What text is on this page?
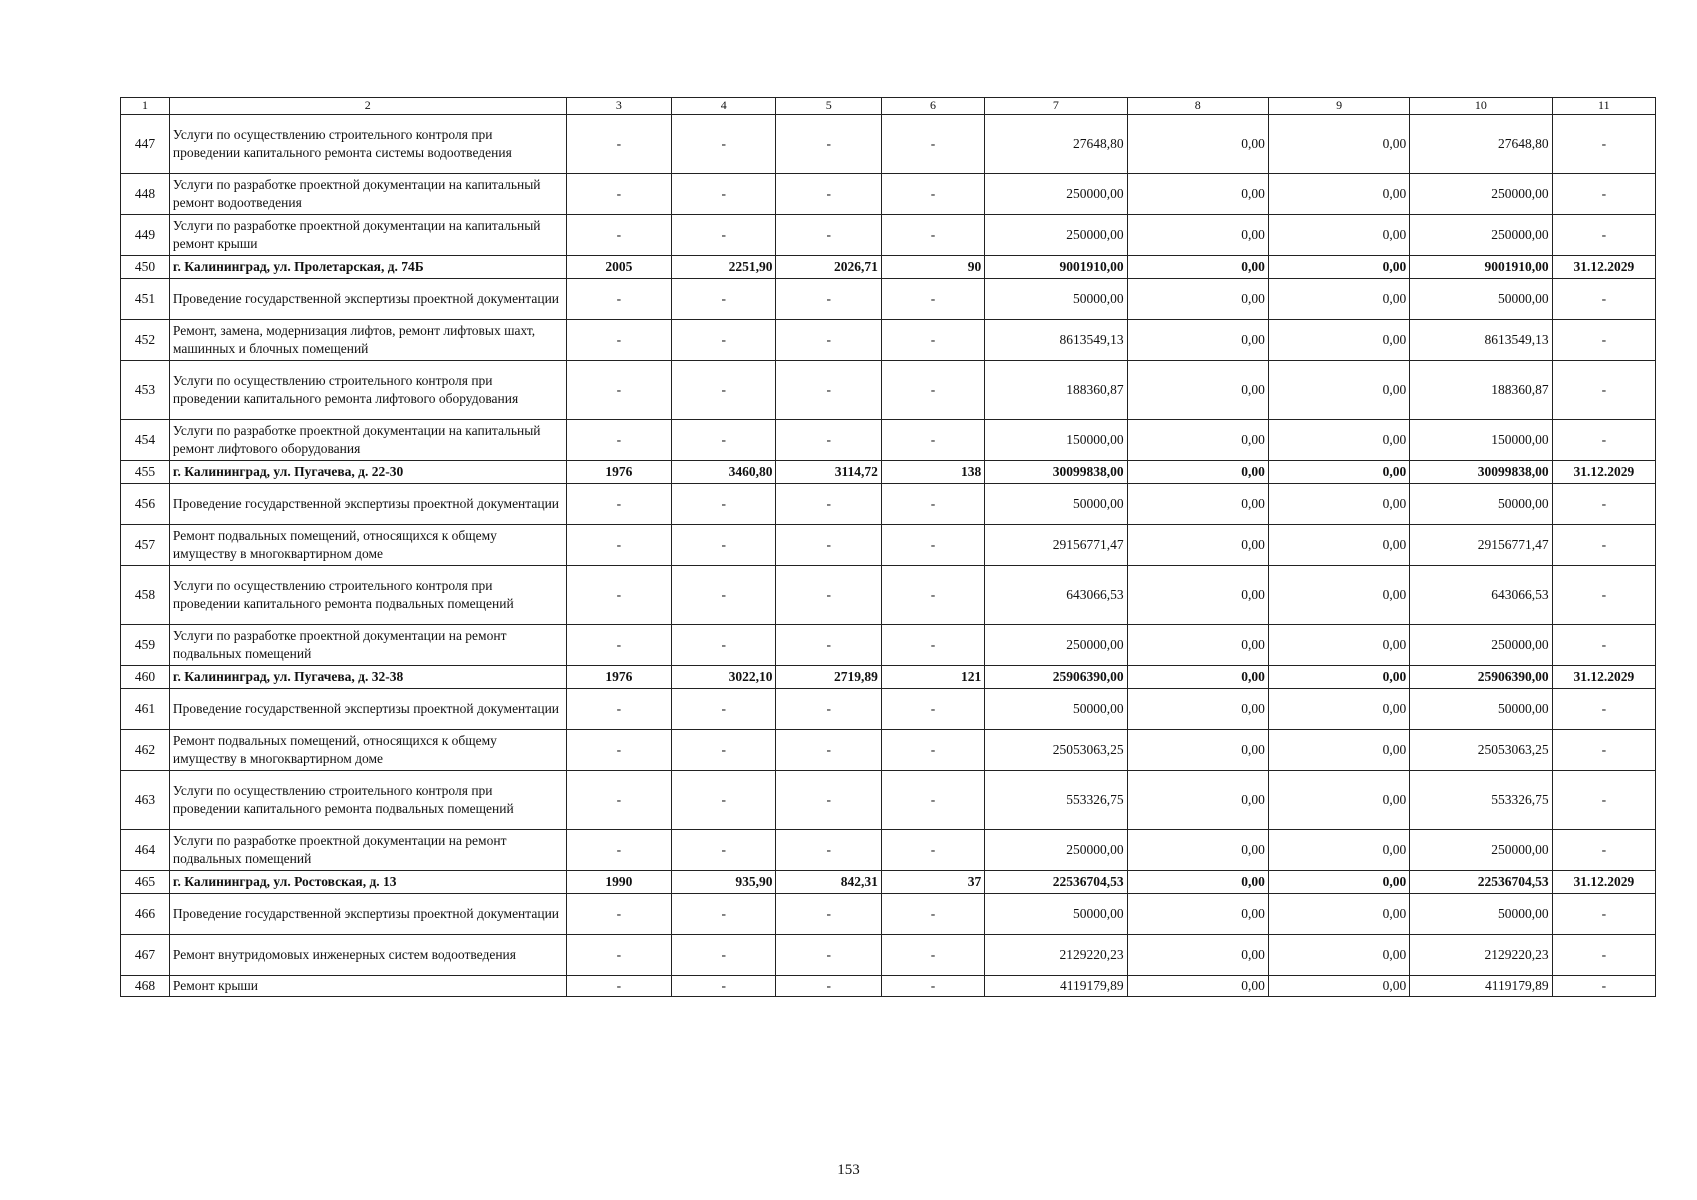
1	2	3	4	5	6	7	8	9	10	11
447	Услуги по осуществлению строительного контроля при проведении капитального ремонта системы водоотведения	-	-	-	-	27648,80	0,00	0,00	27648,80	-
448	Услуги по разработке проектной документации на капитальный ремонт водоотведения	-	-	-	-	250000,00	0,00	0,00	250000,00	-
449	Услуги по разработке проектной документации на капитальный ремонт крыши	-	-	-	-	250000,00	0,00	0,00	250000,00	-
450	г. Калининград, ул. Пролетарская, д. 74Б	2005	2251,90	2026,71	90	9001910,00	0,00	0,00	9001910,00	31.12.2029
451	Проведение государственной экспертизы проектной документации	-	-	-	-	50000,00	0,00	0,00	50000,00	-
452	Ремонт, замена, модернизация лифтов, ремонт лифтовых шахт, машинных и блочных помещений	-	-	-	-	8613549,13	0,00	0,00	8613549,13	-
453	Услуги по осуществлению строительного контроля при проведении капитального ремонта лифтового оборудования	-	-	-	-	188360,87	0,00	0,00	188360,87	-
454	Услуги по разработке проектной документации на капитальный ремонт лифтового оборудования	-	-	-	-	150000,00	0,00	0,00	150000,00	-
455	г. Калининград, ул. Пугачева, д. 22-30	1976	3460,80	3114,72	138	30099838,00	0,00	0,00	30099838,00	31.12.2029
456	Проведение государственной экспертизы проектной документации	-	-	-	-	50000,00	0,00	0,00	50000,00	-
457	Ремонт подвальных помещений, относящихся к общему имуществу в многоквартирном доме	-	-	-	-	29156771,47	0,00	0,00	29156771,47	-
458	Услуги по осуществлению строительного контроля при проведении капитального ремонта подвальных помещений	-	-	-	-	643066,53	0,00	0,00	643066,53	-
459	Услуги по разработке проектной документации на ремонт подвальных помещений	-	-	-	-	250000,00	0,00	0,00	250000,00	-
460	г. Калининград, ул. Пугачева, д. 32-38	1976	3022,10	2719,89	121	25906390,00	0,00	0,00	25906390,00	31.12.2029
461	Проведение государственной экспертизы проектной документации	-	-	-	-	50000,00	0,00	0,00	50000,00	-
462	Ремонт подвальных помещений, относящихся к общему имуществу в многоквартирном доме	-	-	-	-	25053063,25	0,00	0,00	25053063,25	-
463	Услуги по осуществлению строительного контроля при проведении капитального ремонта подвальных помещений	-	-	-	-	553326,75	0,00	0,00	553326,75	-
464	Услуги по разработке проектной документации на ремонт подвальных помещений	-	-	-	-	250000,00	0,00	0,00	250000,00	-
465	г. Калининград, ул. Ростовская, д. 13	1990	935,90	842,31	37	22536704,53	0,00	0,00	22536704,53	31.12.2029
466	Проведение государственной экспертизы проектной документации	-	-	-	-	50000,00	0,00	0,00	50000,00	-
467	Ремонт внутридомовых инженерных систем водоотведения	-	-	-	-	2129220,23	0,00	0,00	2129220,23	-
468	Ремонт крыши	-	-	-	-	4119179,89	0,00	0,00	4119179,89	-
153
